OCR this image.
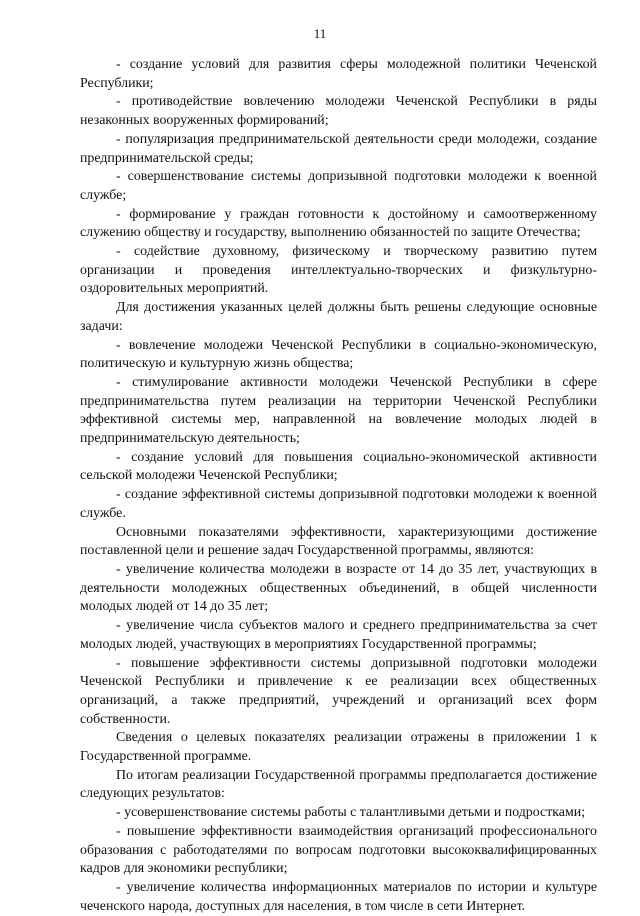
11

- создание условий для развития сферы молодежной политики Чеченской Республики;

- противодействие вовлечению молодежи Чеченской Республики в ряды незаконных вооруженных формирований;

- популяризация предпринимательской деятельности среди молодежи, создание предпринимательской среды;

- совершенствование системы допризывной подготовки молодежи к военной службе;

- формирование у граждан готовности к достойному и самоотверженному служению обществу и государству, выполнению обязанностей по защите Отечества;

- содействие духовному, физическому и творческому развитию путем организации и проведения интеллектуально-творческих и физкультурно-оздоровительных мероприятий.

Для достижения указанных целей должны быть решены следующие основные задачи:

- вовлечение молодежи Чеченской Республики в социально-экономическую, политическую и культурную жизнь общества;

- стимулирование активности молодежи Чеченской Республики в сфере предпринимательства путем реализации на территории Чеченской Республики эффективной системы мер, направленной на вовлечение молодых людей в предпринимательскую деятельность;

- создание условий для повышения социально-экономической активности сельской молодежи Чеченской Республики;

- создание эффективной системы допризывной подготовки молодежи к военной службе.

Основными показателями эффективности, характеризующими достижение поставленной цели и решение задач Государственной программы, являются:

- увеличение количества молодежи в возрасте от 14 до 35 лет, участвующих в деятельности молодежных общественных объединений, в общей численности молодых людей от 14 до 35 лет;

- увеличение числа субъектов малого и среднего предпринимательства за счет молодых людей, участвующих в мероприятиях Государственной программы;

- повышение эффективности системы допризывной подготовки молодежи Чеченской Республики и привлечение к ее реализации всех общественных организаций, а также предприятий, учреждений и организаций всех форм собственности.

Сведения о целевых показателях реализации отражены в приложении 1 к Государственной программе.

По итогам реализации Государственной программы предполагается достижение следующих результатов:

- усовершенствование системы работы с талантливыми детьми и подростками;

- повышение эффективности взаимодействия организаций профессионального образования с работодателями по вопросам подготовки высококвалифицированных кадров для экономики республики;

- увеличение количества информационных материалов по истории и культуре чеченского народа, доступных для населения, в том числе в сети Интернет.
